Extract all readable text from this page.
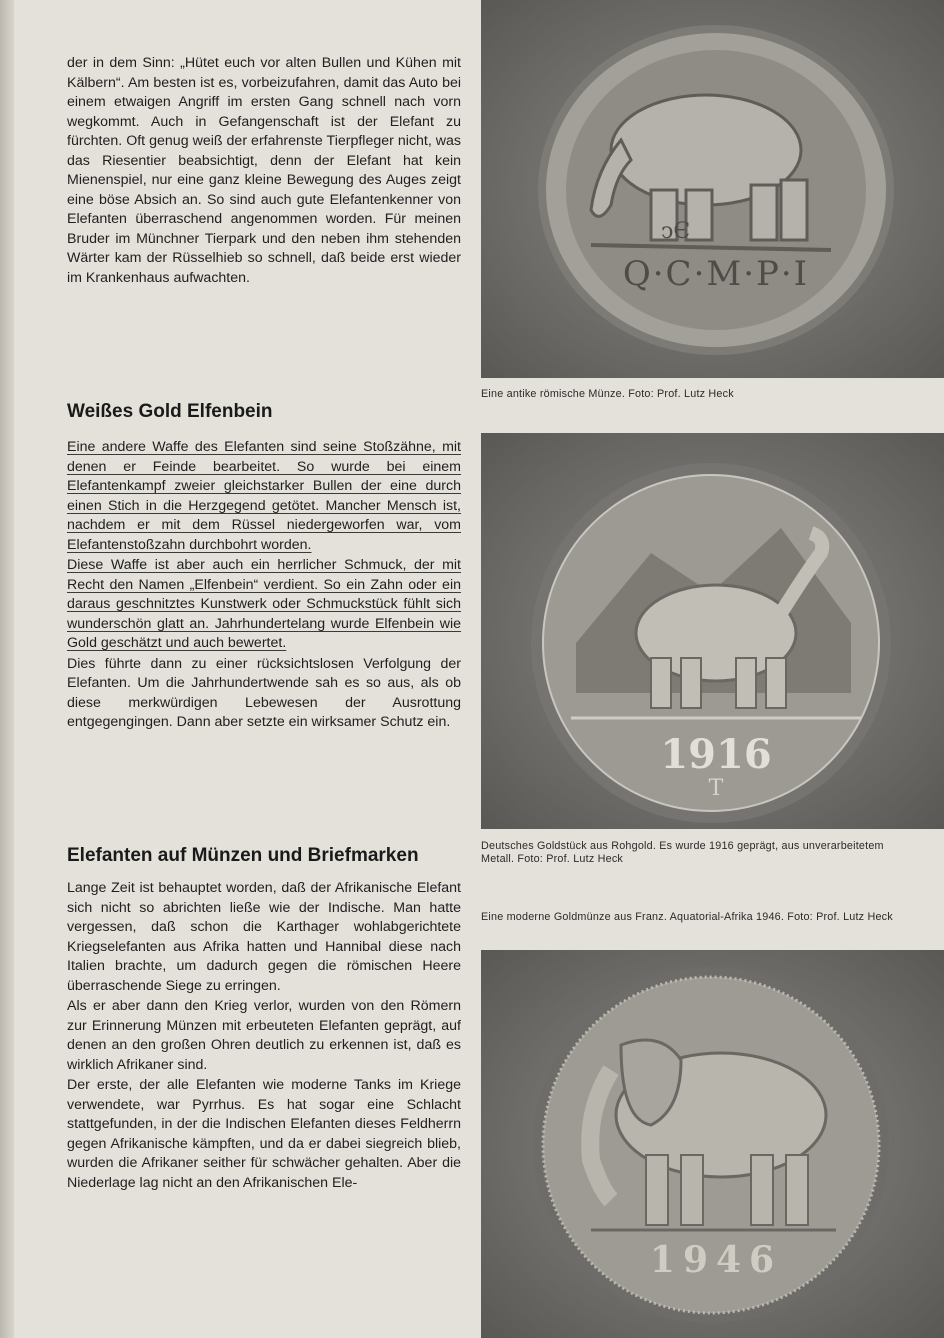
der in dem Sinn: „Hütet euch vor alten Bullen und Kühen mit Kälbern“. Am besten ist es, vorbeizufahren, damit das Auto bei einem etwaigen Angriff im ersten Gang schnell nach vorn wegkommt. Auch in Gefangenschaft ist der Elefant zu fürchten. Oft genug weiß der erfahrenste Tierpfleger nicht, was das Riesentier beabsichtigt, denn der Elefant hat kein Mienenspiel, nur eine ganz kleine Bewegung des Auges zeigt eine böse Absich an. So sind auch gute Elefantenkenner von Elefanten überraschend angenommen worden. Für meinen Bruder im Münchner Tierpark und den neben ihm stehenden Wärter kam der Rüsselhieb so schnell, daß beide erst wieder im Krankenhaus aufwachten.

Weißes Gold Elfenbein

Eine andere Waffe des Elefanten sind seine Stoßzähne, mit denen er Feinde bearbeitet. So wurde bei einem Elefantenkampf zweier gleichstarker Bullen der eine durch einen Stich in die Herzgegend getötet. Mancher Mensch ist, nachdem er mit dem Rüssel niedergeworfen war, vom Elefantenstoßzahn durchbohrt worden.

Diese Waffe ist aber auch ein herrlicher Schmuck, der mit Recht den Namen „Elfenbein“ verdient. So ein Zahn oder ein daraus geschnitztes Kunstwerk oder Schmuckstück fühlt sich wunderschön glatt an. Jahrhundertelang wurde Elfenbein wie Gold geschätzt und auch bewertet.

Dies führte dann zu einer rücksichtslosen Verfolgung der Elefanten. Um die Jahrhundertwende sah es so aus, als ob diese merkwürdigen Lebewesen der Ausrottung entgegengingen. Dann aber setzte ein wirksamer Schutz ein.

Elefanten auf Münzen und Briefmarken

Lange Zeit ist behauptet worden, daß der Afrikanische Elefant sich nicht so abrichten ließe wie der Indische. Man hatte vergessen, daß schon die Karthager wohlabgerichtete Kriegselefanten aus Afrika hatten und Hannibal diese nach Italien brachte, um dadurch gegen die römischen Heere überraschende Siege zu erringen.

Als er aber dann den Krieg verlor, wurden von den Römern zur Erinnerung Münzen mit erbeuteten Elefanten geprägt, auf denen an den großen Ohren deutlich zu erkennen ist, daß es wirklich Afrikaner sind.

Der erste, der alle Elefanten wie moderne Tanks im Kriege verwendete, war Pyrrhus. Es hat sogar eine Schlacht stattgefunden, in der die Indischen Elefanten dieses Feldherrn gegen Afrikanische kämpften, und da er dabei siegreich blieb, wurden die Afrikaner seither für schwächer gehalten. Aber die Niederlage lag nicht an den Afrikanischen Ele-

ↄЄ
Q·C·M·P·I
Eine antike römische Münze. Foto: Prof. Lutz Heck
1916
T
Deutsches Goldstück aus Rohgold. Es wurde 1916 geprägt, aus unverarbeitetem Metall. Foto: Prof. Lutz Heck
Eine moderne Goldmünze aus Franz. Aquatorial-Afrika 1946. Foto: Prof. Lutz Heck
1946
